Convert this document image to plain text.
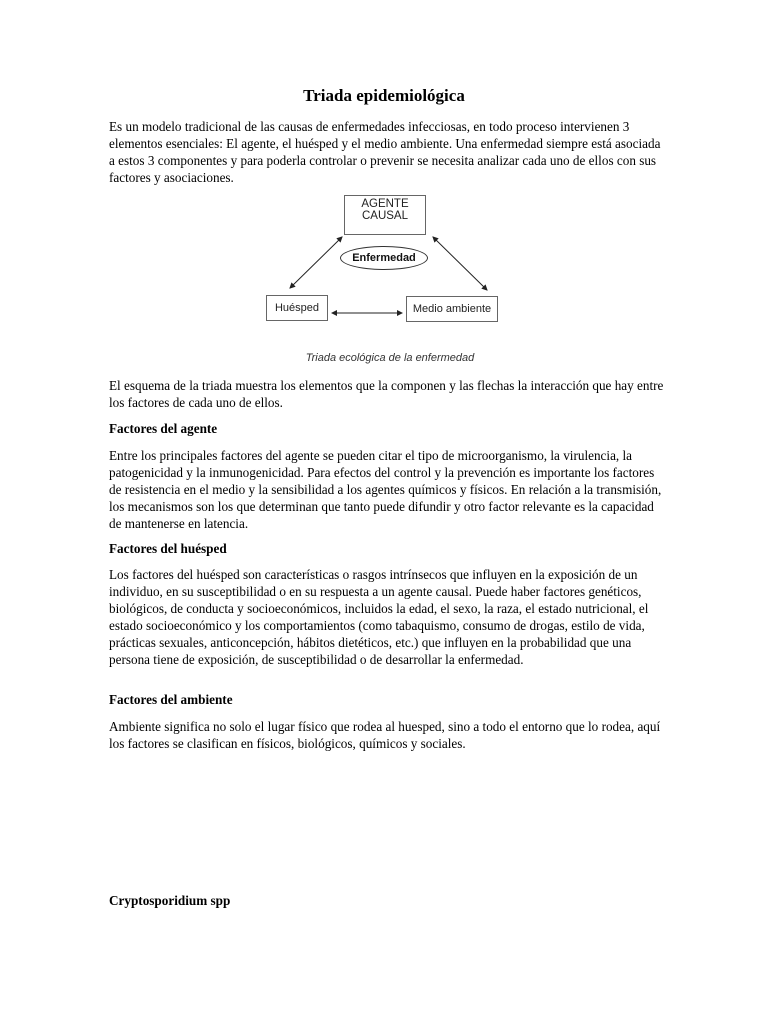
Triada epidemiológica

Es un modelo tradicional de las causas de enfermedades infecciosas, en todo proceso intervienen 3 elementos esenciales: El agente, el huésped y el medio ambiente. Una enfermedad siempre está asociada a estos 3 componentes y para poderla controlar o prevenir se necesita analizar cada uno de ellos con sus factores y asociaciones.

AGENTE
CAUSAL
Enfermedad
Huésped	Medio ambiente
Triada ecológica de la enfermedad

El esquema de la triada muestra los elementos que la componen y las flechas la interacción que hay entre los factores de cada uno de ellos.

Factores del agente

Entre los principales factores del agente se pueden citar el tipo de microorganismo, la virulencia, la patogenicidad y la inmunogenicidad. Para efectos del control y la prevención es importante los factores de resistencia en el medio y la sensibilidad a los agentes químicos y físicos. En relación a la transmisión, los mecanismos son los que determinan que tanto puede difundir y otro factor relevante es la capacidad de mantenerse en latencia.

Factores del huésped

Los factores del huésped son características o rasgos intrínsecos que influyen en la exposición de un individuo, en su susceptibilidad o en su respuesta a un agente causal. Puede haber factores genéticos, biológicos, de conducta y socioeconómicos, incluidos la edad, el sexo, la raza, el estado nutricional, el estado socioeconómico y los comportamientos (como tabaquismo, consumo de drogas, estilo de vida, prácticas sexuales, anticoncepción, hábitos dietéticos, etc.) que influyen en la probabilidad que una persona tiene de exposición, de susceptibilidad o de desarrollar la enfermedad.

Factores del ambiente

Ambiente significa no solo el lugar físico que rodea al huesped, sino a todo el entorno que lo rodea, aquí los factores se clasifican en físicos, biológicos, químicos y sociales.

Cryptosporidium spp
